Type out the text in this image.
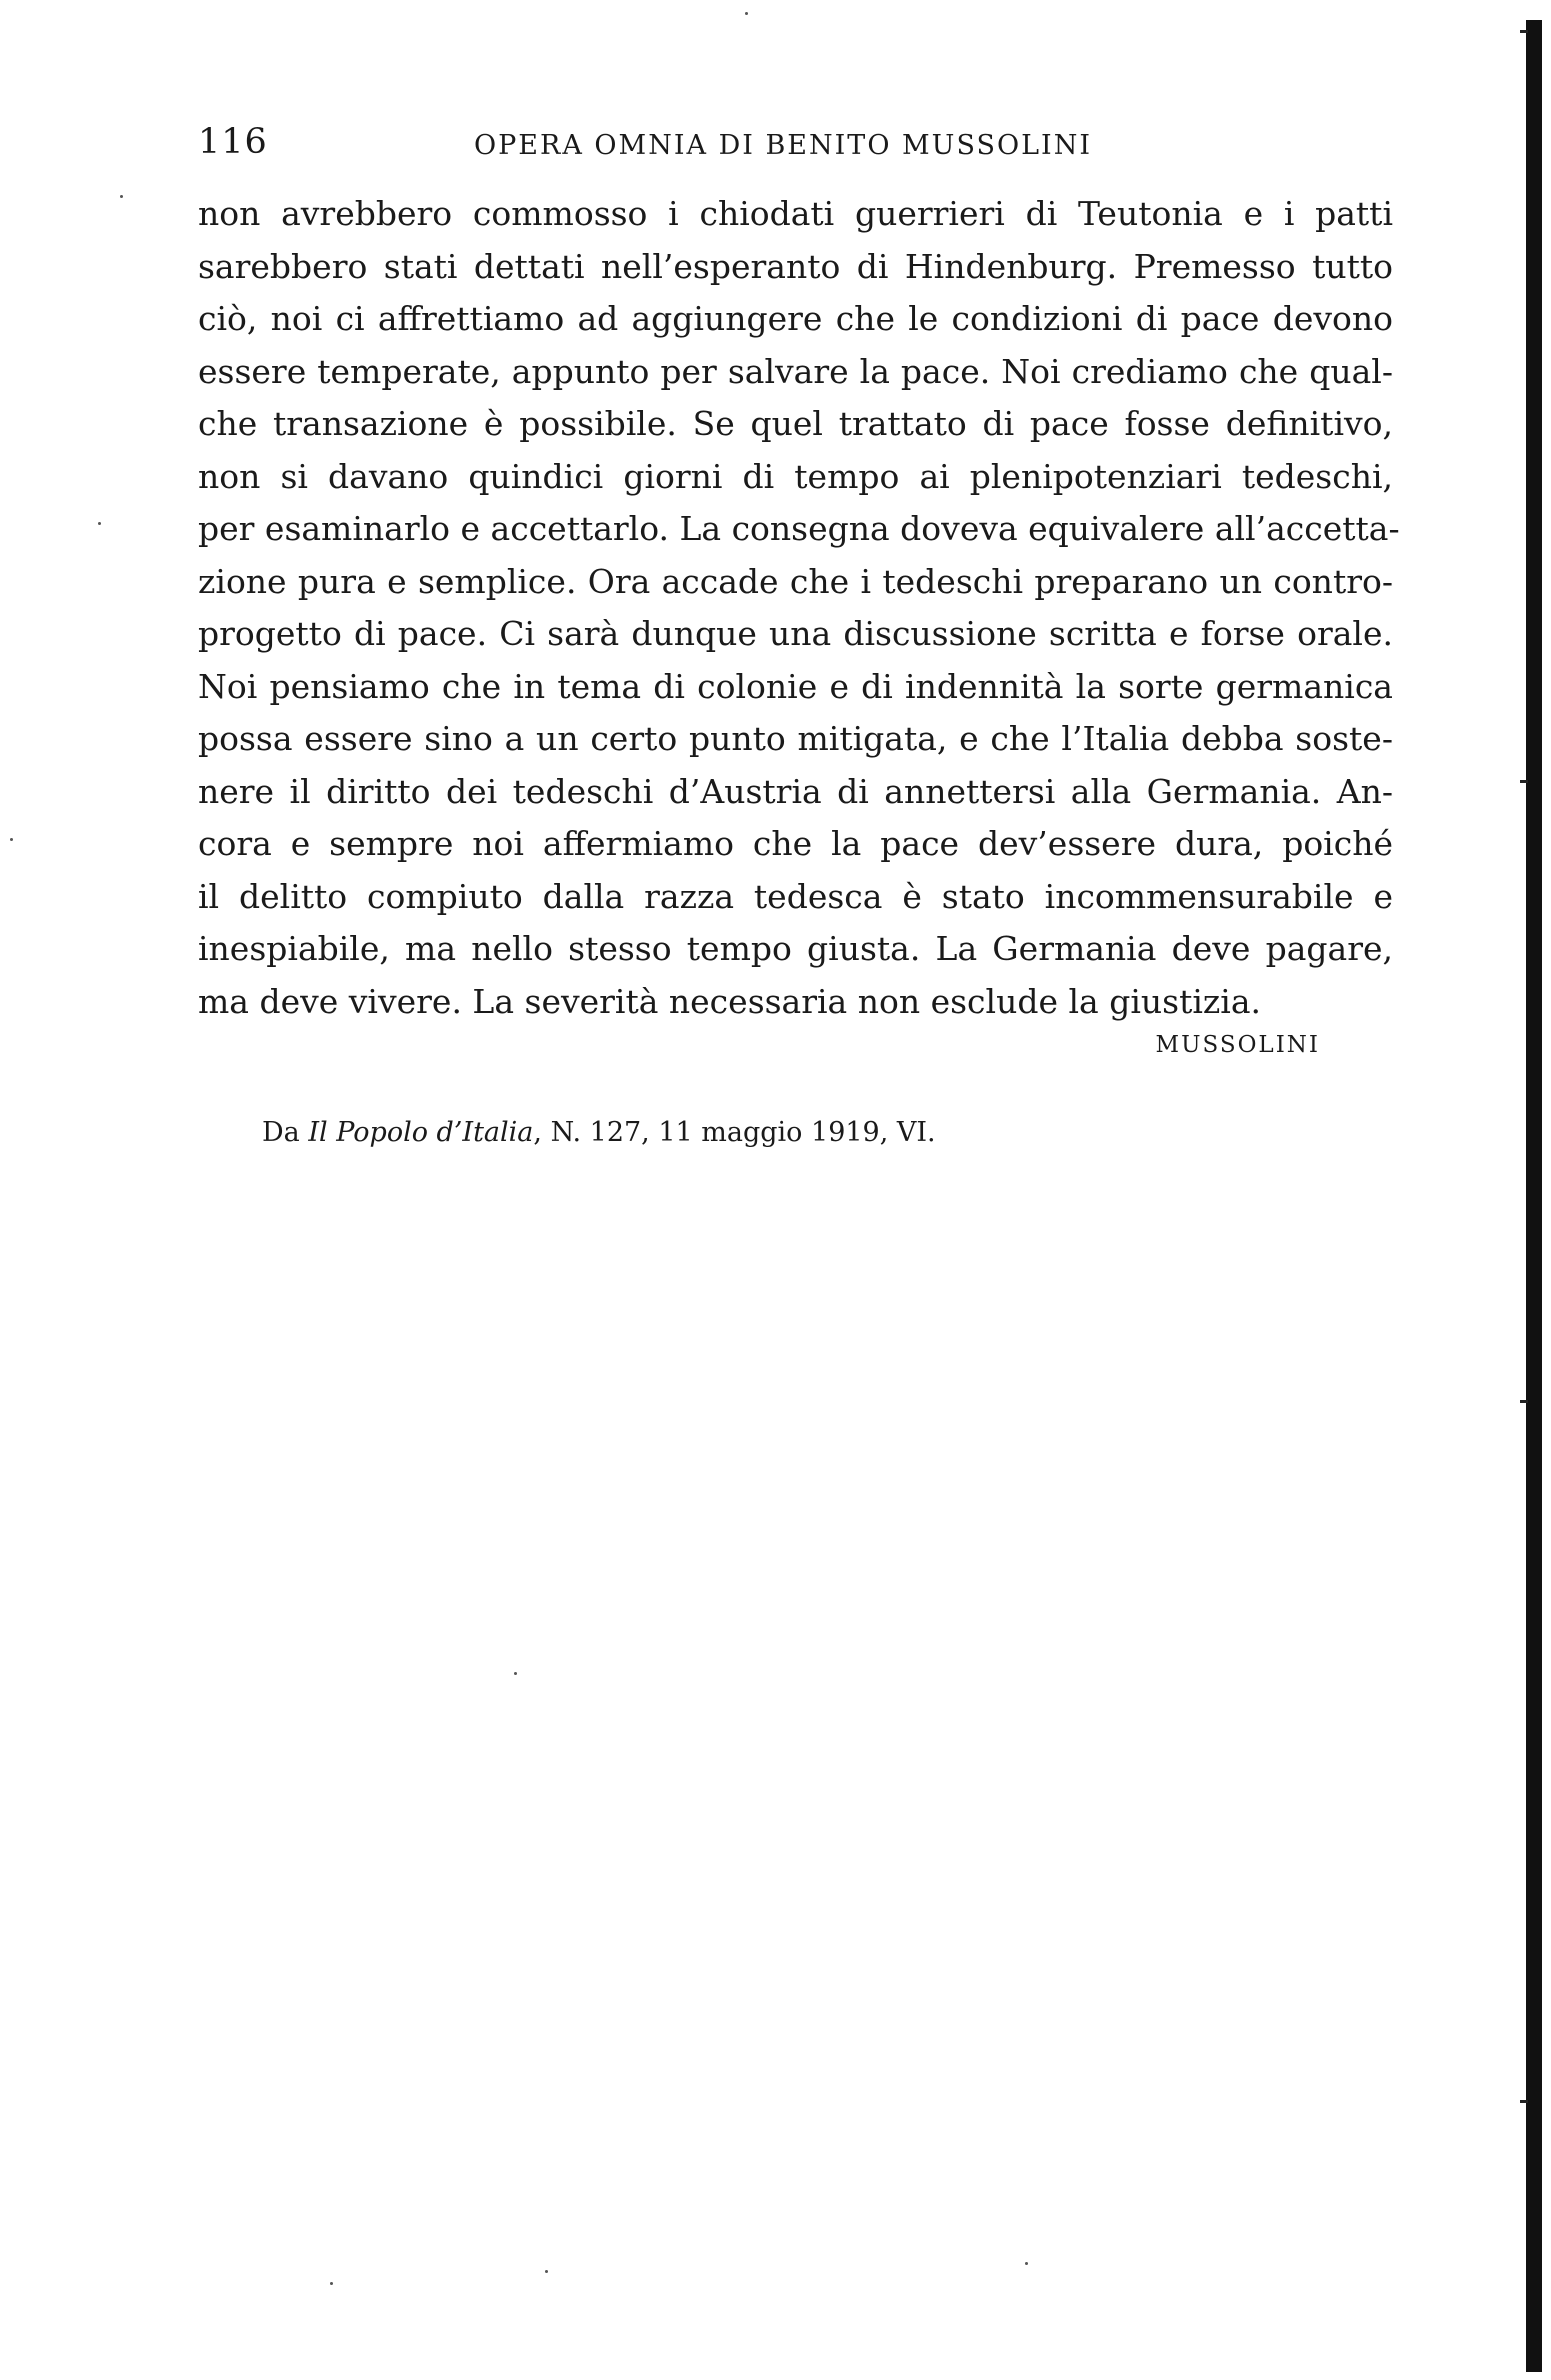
116	OPERA OMNIA DI BENITO MUSSOLINI
non avrebbero commosso i chiodati guerrieri di Teutonia e i patti
sarebbero stati dettati nell’esperanto di Hindenburg. Premesso tutto
ciò, noi ci affrettiamo ad aggiungere che le condizioni di pace devono
essere temperate, appunto per salvare la pace. Noi crediamo che qual-
che transazione è possibile. Se quel trattato di pace fosse definitivo,
non si davano quindici giorni di tempo ai plenipotenziari tedeschi,
per esaminarlo e accettarlo. La consegna doveva equivalere all’accetta-
zione pura e semplice. Ora accade che i tedeschi preparano un contro-
progetto di pace. Ci sarà dunque una discussione scritta e forse orale.
Noi pensiamo che in tema di colonie e di indennità la sorte germanica
possa essere sino a un certo punto mitigata, e che l’Italia debba soste-
nere il diritto dei tedeschi d’Austria di annettersi alla Germania. An-
cora e sempre noi affermiamo che la pace dev’essere dura, poiché
il delitto compiuto dalla razza tedesca è stato incommensurabile e
inespiabile, ma nello stesso tempo giusta. La Germania deve pagare,
ma deve vivere. La severità necessaria non esclude la giustizia.
MUSSOLINI
Da Il Popolo d’Italia, N. 127, 11 maggio 1919, VI.
